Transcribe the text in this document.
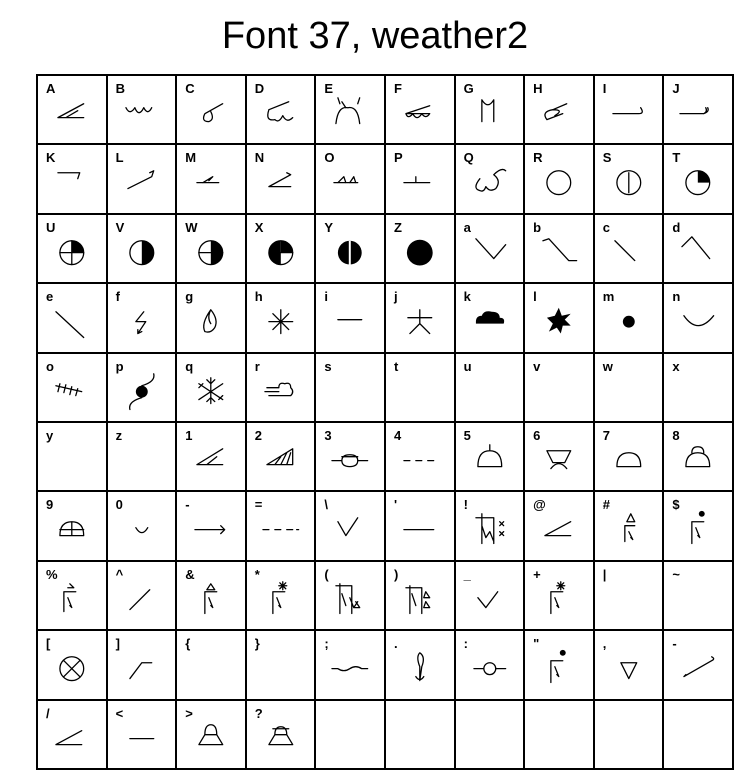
Font 37, weather2
A	B	C	D	E	F	G	H	I	J

K	L	M	N	O	P	Q	R	S	T

U	V	W	X	Y	Z	a	b	c	d

e	f	g	h	i	j	k	l	m	n

o	p	q	r	s	t	u	v	w	x

y	z	1	2	3	4	5	6	7	8

9	0	-	=	\	'	!	@	#	$

%	^	&	*	(	)	_	+	|	~

[	]	{	}	;	.	:	"	,	-

/	<	>	?						
